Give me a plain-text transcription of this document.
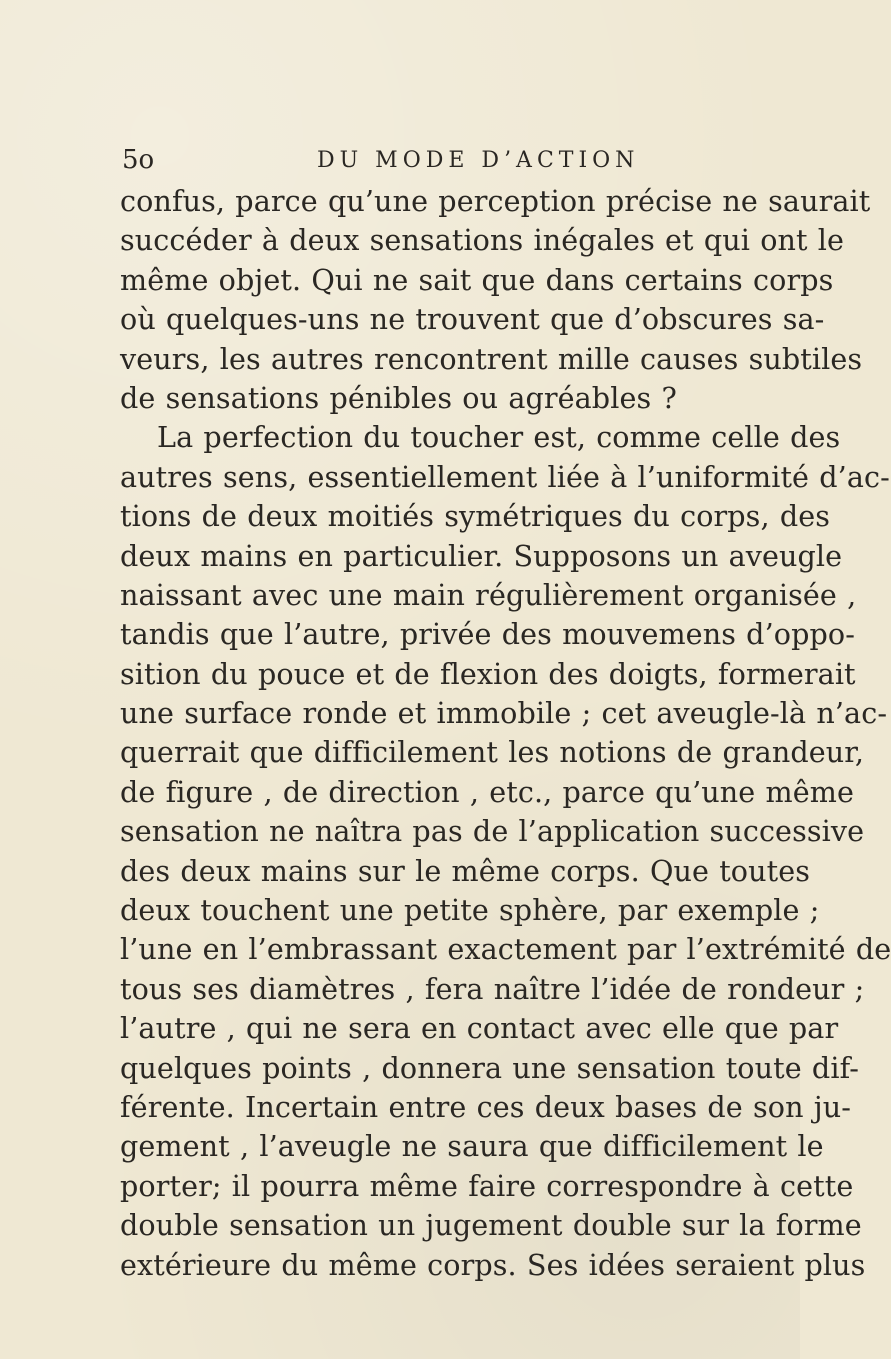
5o	DU MODE D’ACTION
confus, parce qu’une perception précise ne saurait
succéder à deux sensations inégales et qui ont le
même objet. Qui ne sait que dans certains corps
où quelques-uns ne trouvent que d’obscures sa-
veurs, les autres rencontrent mille causes subtiles
de sensations pénibles ou agréables ?
La perfection du toucher est, comme celle des
autres sens, essentiellement liée à l’uniformité d’ac-
tions de deux moitiés symétriques du corps, des
deux mains en particulier. Supposons un aveugle
naissant avec une main régulièrement organisée ,
tandis que l’autre, privée des mouvemens d’oppo-
sition du pouce et de flexion des doigts, formerait
une surface ronde et immobile ; cet aveugle-là n’ac-
querrait que difficilement les notions de grandeur,
de figure , de direction , etc., parce qu’une même
sensation ne naîtra pas de l’application successive
des deux mains sur le même corps. Que toutes
deux touchent une petite sphère, par exemple ;
l’une en l’embrassant exactement par l’extrémité de
tous ses diamètres , fera naître l’idée de rondeur ;
l’autre , qui ne sera en contact avec elle que par
quelques points , donnera une sensation toute dif-
férente. Incertain entre ces deux bases de son ju-
gement , l’aveugle ne saura que difficilement le
porter; il pourra même faire correspondre à cette
double sensation un jugement double sur la forme
extérieure du même corps. Ses idées seraient plus
